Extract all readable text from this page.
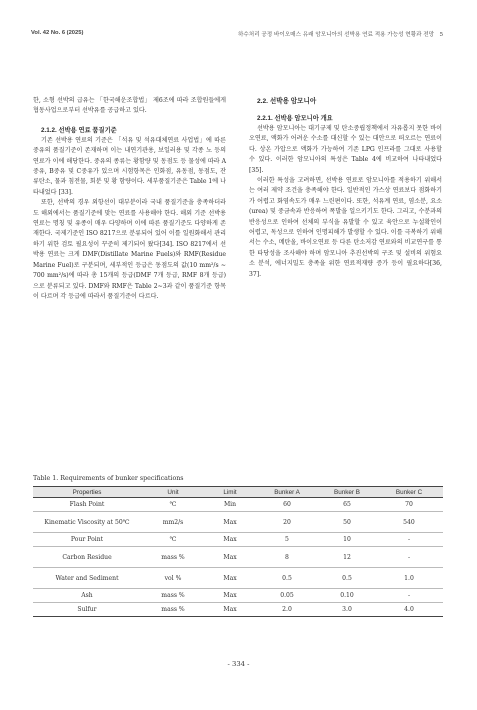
Vol. 42 No. 6 (2025)	하수처리 공정 바이오매스 유래 암모니아의 선박용 연료 적용 가능성 현황과 전망 5

한, 소형 선박의 급유는 「한국해운조합법」 제6조에 따라 조합원들에게 협동사업으로부터 선박유를 공급하고 있다.

2.1.2. 선박용 연료 품질기준

기존 선박용 연료의 기준은 「석유 및 석유대체연료 사업법」에 따른 중유의 품질기준이 존재하며 이는 내연기관용, 보일러용 및 각종 노 등의 연료가 이에 해당한다. 중유의 종류는 황함량 및 동점도 등 물성에 따라 A중유, B중유 및 C중유가 있으며 시험항목은 인화점, 유동점, 동점도, 잔류탄소, 물과 침전물, 회분 및 황 함량이다. 세부품질기준은 Table 1에 나타내었다 [33].

또한, 선박의 경우 외항선이 대부분이라 국내 품질기준을 충족하더라도 해외에서는 품질기준에 맞는 연료를 사용해야 한다. 해외 기준 선박용 연료는 명칭 및 유종이 매우 다양하며 이에 따른 품질기준도 다양하게 존재한다. 국제기준인 ISO 8217으로 분류되어 있어 이를 일원화해서 관리하기 위한 검토 필요성이 꾸준히 제기되어 왔다[34]. ISO 8217에서 선박용 연료는 크게 DMF(Distillate Marine Fuels)와 RMF(Residue Marine Fuel)로 구분되며, 세부적인 등급은 동점도의 값(10 mm²/s ~ 700 mm²/s)에 따라 총 15개의 등급(DMF 7개 등급, RMF 8개 등급)으로 분류되고 있다. DMF와 RMF은 Table 2~3과 같이 품질기준 항목이 다르며 각 등급에 따라서 품질기준이 다르다.

2.2. 선박용 암모니아

2.2.1. 선박용 암모니아 개요

선박용 암모니아는 대기규제 및 탄소중립정책에서 자유롭지 못한 바이오연료, 액화가 어려운 수소를 대신할 수 있는 대안으로 떠오르는 연료이다. 상온 가압으로 액화가 가능하여 기존 LPG 인프라를 그대로 사용할 수 있다. 이러한 암모니아의 특성은 Table 4에 비교하여 나타내었다 [35].

이러한 특성을 고려하면, 선박용 연료로 암모니아를 적용하기 위해서는 여러 제약 조건을 충족해야 한다. 일반적인 가스상 연료보다 점화하기가 어렵고 화염속도가 매우 느린편이다. 또한, 석유계 연료, 염소분, 요소(urea) 및 중금속과 반응하여 폭발을 일으키기도 한다. 그리고, 수분과의 반응성으로 인하여 선체의 부식을 유발할 수 있고 육안으로 누설확인이 어렵고, 독성으로 인하여 인명피해가 발생할 수 있다. 이를 극복하기 위해서는 수소, 메탄올, 바이오연료 등 다른 탄소저감 연료와의 비교연구를 통한 타당성을 조사해야 하며 암모니아 추진선박의 구조 및 설비의 위험요소 분석, 에너지밀도 충족을 위한 연료적재량 증가 등이 필요하다[36, 37].

Table 1. Requirements of bunker specifications
Properties	Unit	Limit	Bunker A	Bunker B	Bunker C
Flash Point	℃	Min	60	65	70
Kinematic Viscosity at 50℃	mm2/s	Max	20	50	540
Pour Point	℃	Max	5	10	-
Carbon Residue	mass %	Max	8	12	-
Water and Sediment	vol %	Max	0.5	0.5	1.0
Ash	mass %	Max	0.05	0.10	-
Sulfur	mass %	Max	2.0	3.0	4.0
- 334 -
